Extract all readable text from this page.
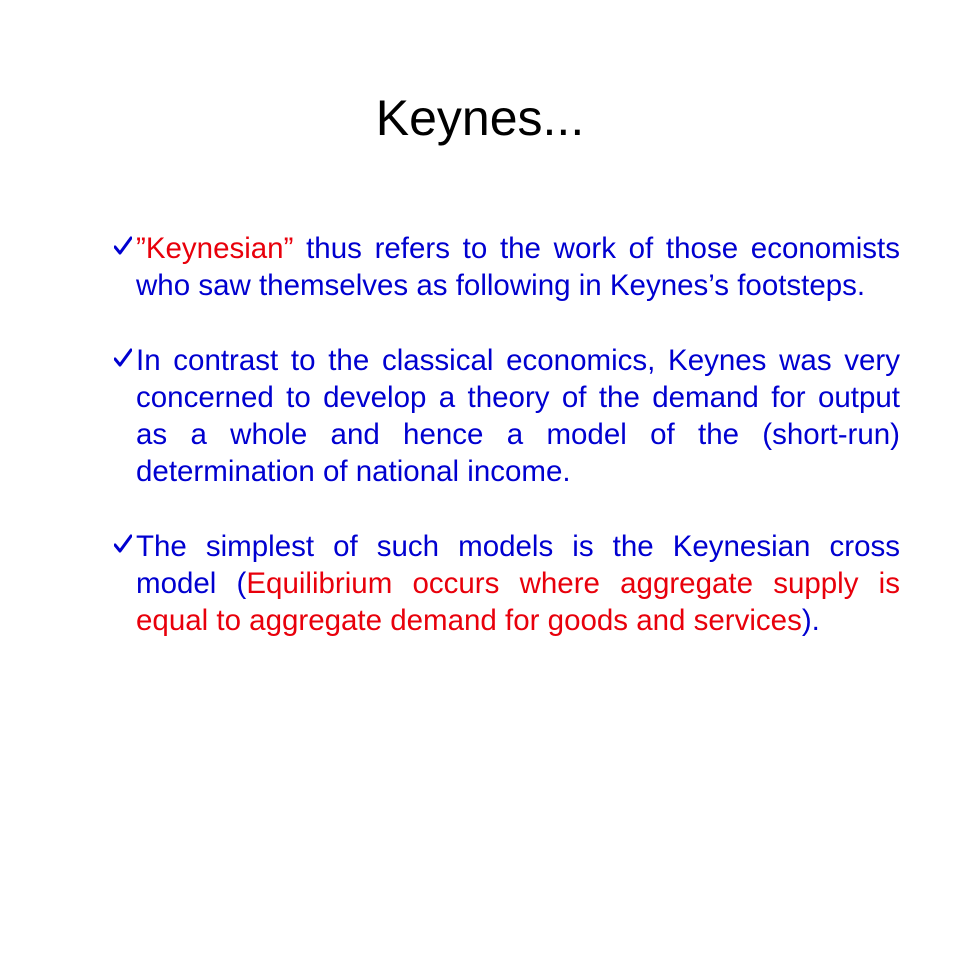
Keynes...
”Keynesian” thus refers to the work of those economists who saw themselves as following in Keynes’s footsteps.
In contrast to the classical economics, Keynes was very concerned to develop a theory of the demand for output as a whole and hence a model of the (short-run) determination of national income.
The simplest of such models is the Keynesian cross model (Equilibrium occurs where aggregate supply is equal to aggregate demand for goods and services).
